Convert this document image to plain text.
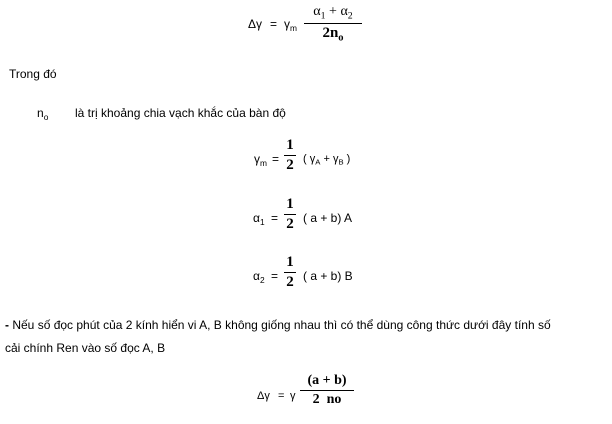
$\Delta\gamma = \gamma_m$
$\alpha_1 + \alpha_2$
$2n_o$
Trong đó
$n_o$ là trị khoảng chia vạch khắc của bàn độ
$\gamma_m$ =
1
2 ( $\gamma_A + \gamma_B$ )
$\alpha_1$ =
1
2 ( a + b) A
$\alpha_2$ =
1
2 ( a + b) B
- Nếu số đọc phút của 2 kính hiển vi A, B không giống nhau thì có thể dùng công thức dưới đây tính số
cải chính Ren vào số đọc A, B
Δγ = γ
(a + b)
2  no
